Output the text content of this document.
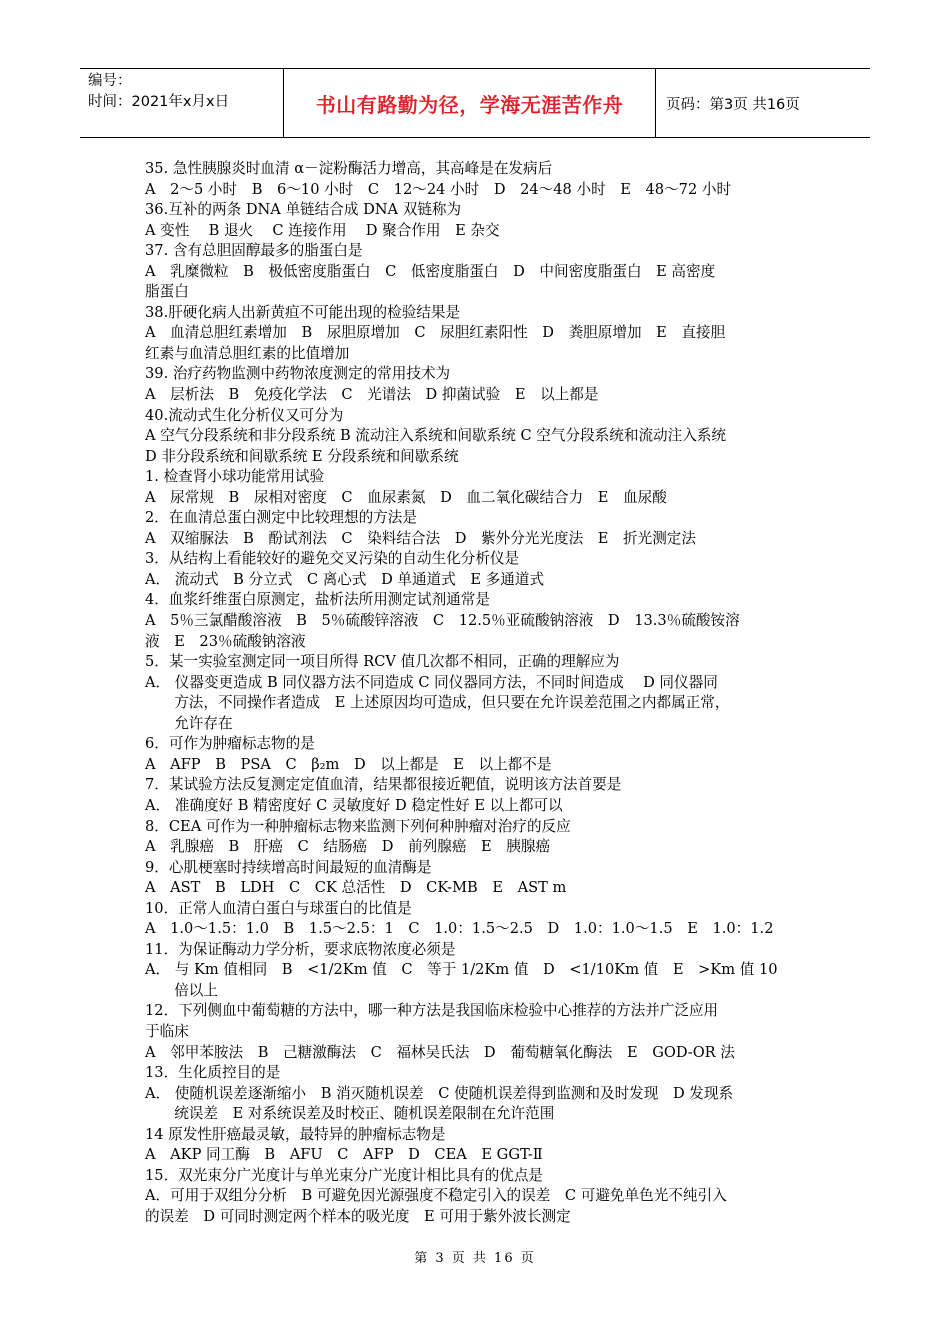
编号：
时间：2021年x月x日	书山有路勤为径，学海无涯苦作舟	页码：第3页 共16页
35. 急性胰腺炎时血清 α－淀粉酶活力增高，其高峰是在发病后
A　2～5 小时　B　6～10 小时　C　12～24 小时　D　24～48 小时　E　48～72 小时
36.互补的两条 DNA 单链结合成 DNA 双链称为
A 变性　 B 退火　 C 连接作用　 D 聚合作用　E 杂交
37. 含有总胆固醇最多的脂蛋白是
A　乳糜微粒　B　极低密度脂蛋白　C　低密度脂蛋白　D　中间密度脂蛋白　E 高密度
脂蛋白
38.肝硬化病人出新黄疸不可能出现的检验结果是
A　血清总胆红素增加　B　尿胆原增加　C　尿胆红素阳性　D　粪胆原增加　E　直接胆
红素与血清总胆红素的比值增加
39. 治疗药物监测中药物浓度测定的常用技术为
A　层析法　B　免疫化学法　C　光谱法　D 抑菌试验　E　以上都是
40.流动式生化分析仪又可分为
A 空气分段系统和非分段系统 B 流动注入系统和间歇系统 C 空气分段系统和流动注入系统
D 非分段系统和间歇系统 E 分段系统和间歇系统
1. 检查肾小球功能常用试验
A　尿常规　B　尿相对密度　C　血尿素氮　D　血二氧化碳结合力　E　血尿酸
2．在血清总蛋白测定中比较理想的方法是
A　双缩脲法　B　酚试剂法　C　染料结合法　D　紫外分光光度法　E　折光测定法
3．从结构上看能较好的避免交叉污染的自动生化分析仪是
A． 流动式　B 分立式　C 离心式　D 单通道式　E 多通道式
4．血浆纤维蛋白原测定，盐析法所用测定试剂通常是
A　5％三氯醋酸溶液　B　5％硫酸锌溶液　C　12.5％亚硫酸钠溶液　D　13.3％硫酸铵溶
液　E　23％硫酸钠溶液
5．某一实验室测定同一项目所得 RCV 值几次都不相同，正确的理解应为
A． 仪器变更造成 B 同仪器方法不同造成 C 同仪器同方法，不同时间造成　 D 同仪器同
　　方法，不同操作者造成　E 上述原因均可造成，但只要在允许误差范围之内都属正常，
　　允许存在
6．可作为肿瘤标志物的是
A　AFP　B　PSA　C　β₂m　D　以上都是　E　以上都不是
7．某试验方法反复测定定值血清，结果都很接近靶值，说明该方法首要是
A． 准确度好 B 精密度好 C 灵敏度好 D 稳定性好 E 以上都可以
8．CEA 可作为一种肿瘤标志物来监测下列何种肿瘤对治疗的反应
A　乳腺癌　B　肝癌　C　结肠癌　D　前列腺癌　E　胰腺癌
9．心肌梗塞时持续增高时间最短的血清酶是
A　AST　B　LDH　C　CK 总活性　D　CK-MB　E　AST m
10．正常人血清白蛋白与球蛋白的比值是
A　1.0～1.5：1.0　B　1.5～2.5：1　C　1.0：1.5～2.5　D　1.0：1.0～1.5　E　1.0：1.2
11．为保证酶动力学分析，要求底物浓度必须是
A． 与 Km 值相同　B　<1/2Km 值　C　等于 1/2Km 值　D　<1/10Km 值　E　>Km 值 10
　　倍以上
12．下列侧血中葡萄糖的方法中，哪一种方法是我国临床检验中心推荐的方法并广泛应用
于临床
A　邻甲苯胺法　B　己糖激酶法　C　福林吴氏法　D　葡萄糖氧化酶法　E　GOD-OR 法
13．生化质控目的是
A． 使随机误差逐渐缩小　B 消灭随机误差　C 使随机误差得到监测和及时发现　D 发现系
　　统误差　E 对系统误差及时校正、随机误差限制在允许范围
14 原发性肝癌最灵敏，最特异的肿瘤标志物是
A　AKP 同工酶　B　AFU　C　AFP　D　CEA　E GGT-Ⅱ
15．双光束分广光度计与单光束分广光度计相比具有的优点是
A．可用于双组分分析　B 可避免因光源强度不稳定引入的误差　C 可避免单色光不纯引入
的误差　D 可同时测定两个样本的吸光度　E 可用于紫外波长测定
第 3 页 共 16 页
